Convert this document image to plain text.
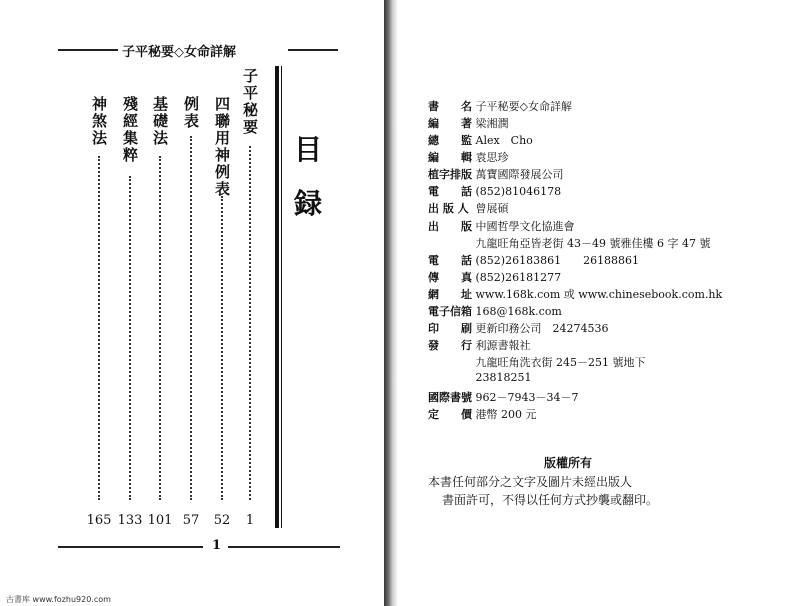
子平秘要◇女命詳解
目
録
子平秘要
1
四聯用神例表
52
例表
57
基礎法
101
殘經集粹
133
神煞法
165
1
書　　名 子平秘要◇女命詳解
編　　著 梁湘潤
總　　監 Alex　Cho
編　　輯 袁思珍
植字排版 萬寶國際發展公司
電　　話 (852)81046178
出 版 人 曾展碩
出　　版 中國哲學文化協進會
九龍旺角亞皆老街 43－49 號雅佳樓 6 字 47 號
電　　話 (852)26183861　　26188861
傳　　真 (852)26181277
網　　址 www.168k.com 或 www.chinesebook.com.hk
電子信箱 168@168k.com
印　　刷 更新印務公司　24274536
發　　行 利源書報社
九龍旺角洗衣街 245－251 號地下
23818251
國際書號 962－7943－34－7
定　　價 港幣 200 元
版權所有
本書任何部分之文字及圖片未經出版人
書面許可，不得以任何方式抄襲或翻印。
古書库 www.fozhu920.com
